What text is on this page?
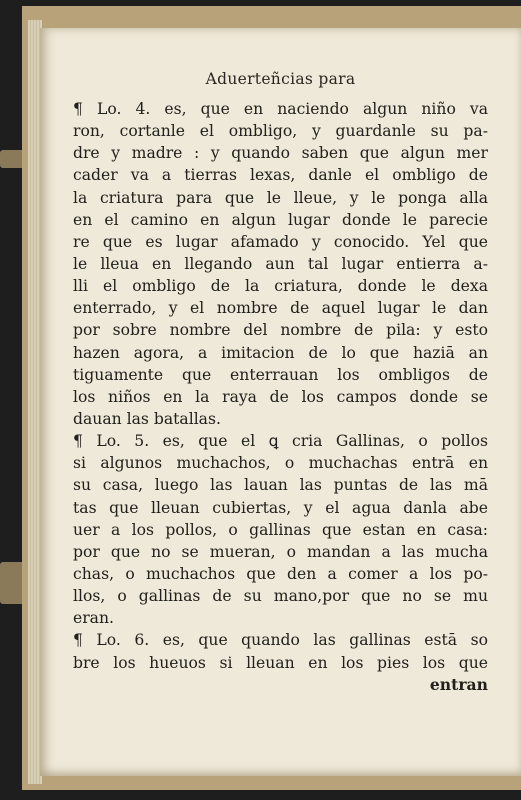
Aduerteñcias para
¶ Lo. 4. es, que en naciendo algun niño va
ron, cortanle el ombligo, y guardanle su pa-
dre y madre : y quando saben que algun mer
cader va a tierras lexas, danle el ombligo de
la criatura para que le lleue, y le ponga alla
en el camino en algun lugar donde le parecie
re que es lugar afamado y conocido. Yel que
le lleua en llegando aun tal lugar entierra a-
lli el ombligo de la criatura, donde le dexa
enterrado, y el nombre de aquel lugar le dan
por sobre nombre del nombre de pila: y esto
hazen agora, a imitacion de lo que haziā an
tiguamente que enterrauan los ombligos de
los niños en la raya de los campos donde se
dauan las batallas.
¶ Lo. 5. es, que el ꝗ cria Gallinas, o pollos
si algunos muchachos, o muchachas entrā en
su casa, luego las lauan las puntas de las mā
tas que lleuan cubiertas, y el agua danla abe
uer a los pollos, o gallinas que estan en casa:
por que no se mueran, o mandan a las mucha
chas, o muchachos que den a comer a los po-
llos, o gallinas de su mano,por que no se mu
eran.
¶ Lo. 6. es, que quando las gallinas estā so
bre los hueuos si lleuan en los pies los que
entran
